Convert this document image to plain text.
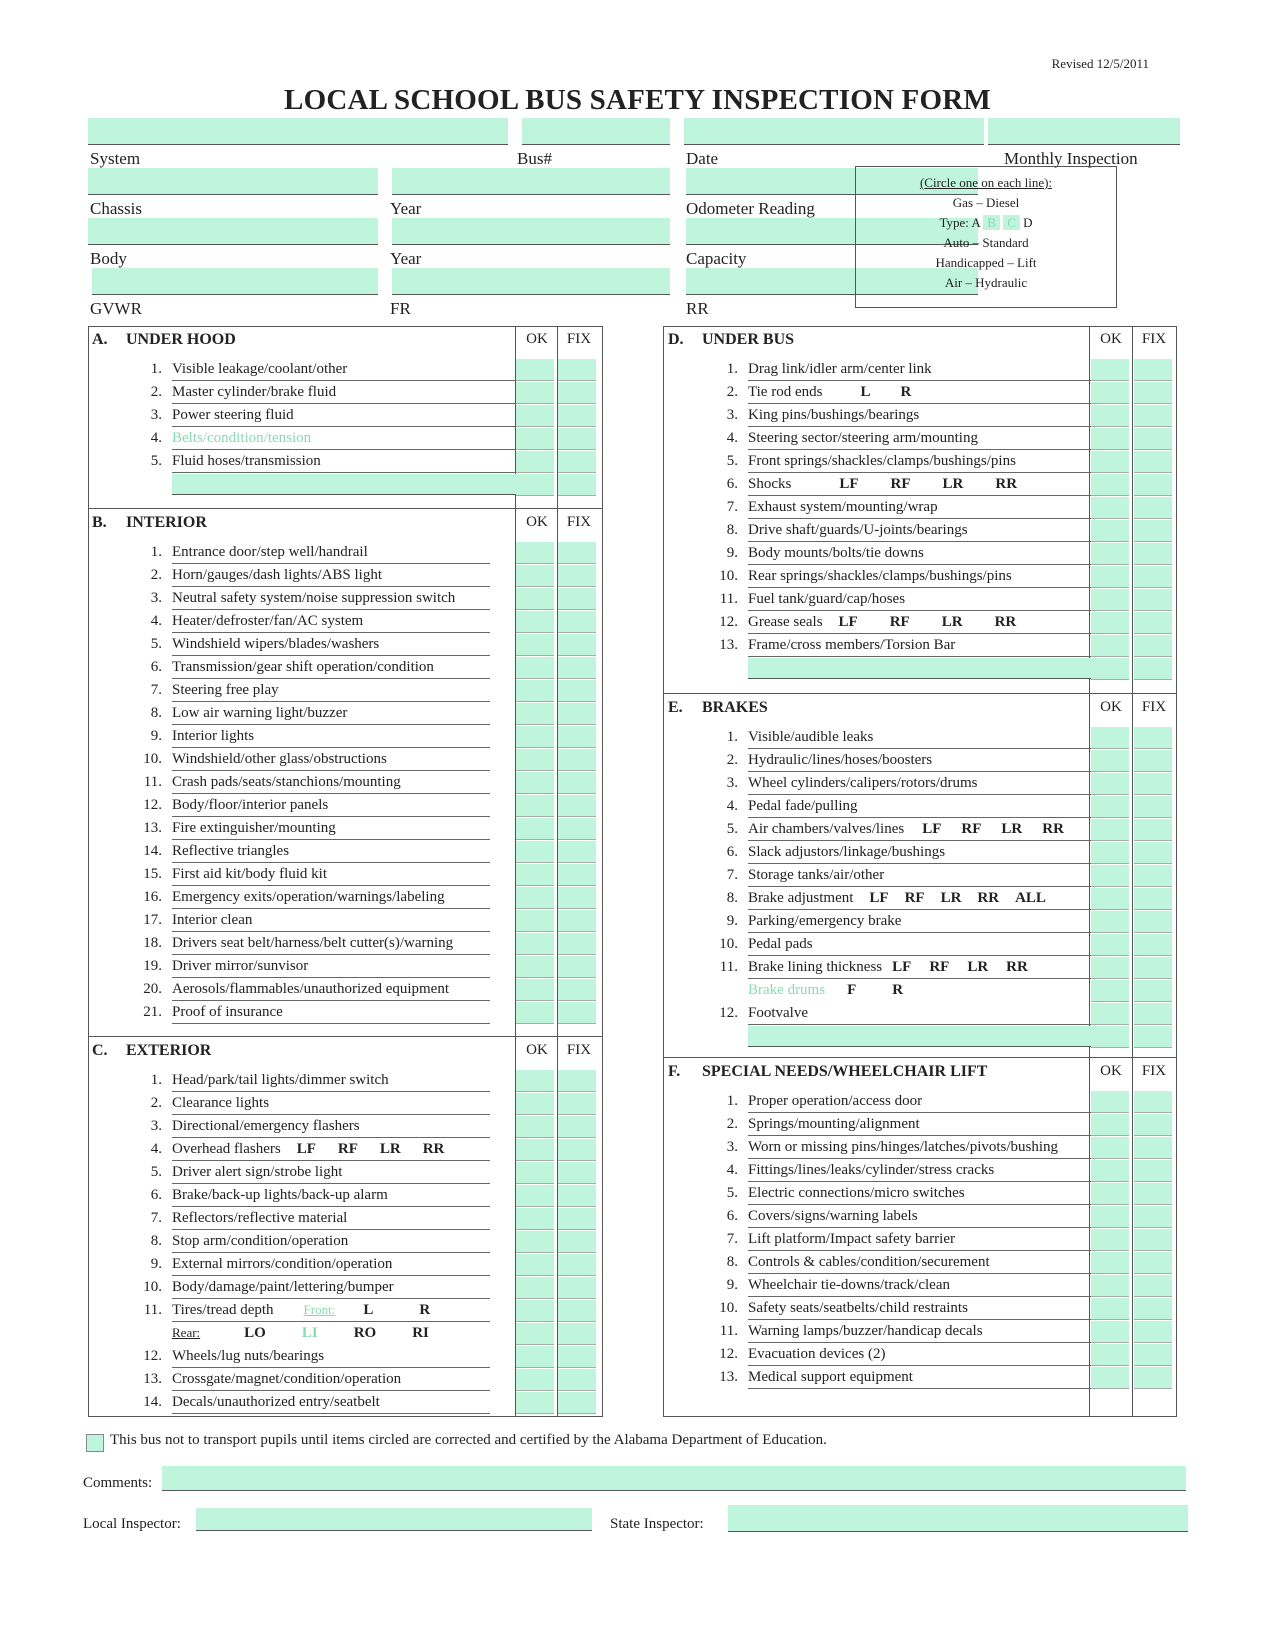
Revised 12/5/2011
LOCAL SCHOOL BUS SAFETY INSPECTION FORM
System	Bus#	Date	Monthly Inspection
Chassis	Year	Odometer Reading
Body	Year	Capacity
GVWR	FR	RR
(Circle one on each line):
Gas – Diesel
Type: A B C D
Auto – Standard
Handicapped – Lift
Air – Hydraulic
A. UNDER HOOD	OK	FIX
1. Visible leakage/coolant/other
2. Master cylinder/brake fluid
3. Power steering fluid
4. Belts/condition/tension
5. Fluid hoses/transmission
B. INTERIOR	OK	FIX
1. Entrance door/step well/handrail
2. Horn/gauges/dash lights/ABS light
3. Neutral safety system/noise suppression switch
4. Heater/defroster/fan/AC system
5. Windshield wipers/blades/washers
6. Transmission/gear shift operation/condition
7. Steering free play
8. Low air warning light/buzzer
9. Interior lights
10. Windshield/other glass/obstructions
11. Crash pads/seats/stanchions/mounting
12. Body/floor/interior panels
13. Fire extinguisher/mounting
14. Reflective triangles
15. First aid kit/body fluid kit
16. Emergency exits/operation/warnings/labeling
17. Interior clean
18. Drivers seat belt/harness/belt cutter(s)/warning
19. Driver mirror/sunvisor
20. Aerosols/flammables/unauthorized equipment
21. Proof of insurance
C. EXTERIOR	OK	FIX
1. Head/park/tail lights/dimmer switch
2. Clearance lights
3. Directional/emergency flashers
4. Overhead flashers LF RF LR RR
5. Driver alert sign/strobe light
6. Brake/back-up lights/back-up alarm
7. Reflectors/reflective material
8. Stop arm/condition/operation
9. External mirrors/condition/operation
10. Body/damage/paint/lettering/bumper
11. Tires/tread depth Front: L	R
Rear:	LO LI RO RI
12. Wheels/lug nuts/bearings
13. Crossgate/magnet/condition/operation
14. Decals/unauthorized entry/seatbelt
D. UNDER BUS	OK	FIX
1. Drag link/idler arm/center link
2. Tie rod ends	L R
3. King pins/bushings/bearings
4. Steering sector/steering arm/mounting
5. Front springs/shackles/clamps/bushings/pins
6. Shocks	LF RF LR RR
7. Exhaust system/mounting/wrap
8. Drive shaft/guards/U-joints/bearings
9. Body mounts/bolts/tie downs
10. Rear springs/shackles/clamps/bushings/pins
11. Fuel tank/guard/cap/hoses
12. Grease seals LF RF LR RR
13. Frame/cross members/Torsion Bar
E. BRAKES	OK	FIX
1. Visible/audible leaks
2. Hydraulic/lines/hoses/boosters
3. Wheel cylinders/calipers/rotors/drums
4. Pedal fade/pulling
5. Air chambers/valves/lines LF RF LR RR
6. Slack adjustors/linkage/bushings
7. Storage tanks/air/other
8. Brake adjustment LF RF LR RR ALL
9. Parking/emergency brake
10. Pedal pads
11. Brake lining thickness LF RF LR RR
Brake drums F R
12. Footvalve
F. SPECIAL NEEDS/WHEELCHAIR LIFT	OK	FIX
1. Proper operation/access door
2. Springs/mounting/alignment
3. Worn or missing pins/hinges/latches/pivots/bushing
4. Fittings/lines/leaks/cylinder/stress cracks
5. Electric connections/micro switches
6. Covers/signs/warning labels
7. Lift platform/Impact safety barrier
8. Controls & cables/condition/securement
9. Wheelchair tie-downs/track/clean
10. Safety seats/seatbelts/child restraints
11. Warning lamps/buzzer/handicap decals
12. Evacuation devices (2)
13. Medical support equipment
This bus not to transport pupils until items circled are corrected and certified by the Alabama Department of Education.
Comments:
Local Inspector:	State Inspector:
